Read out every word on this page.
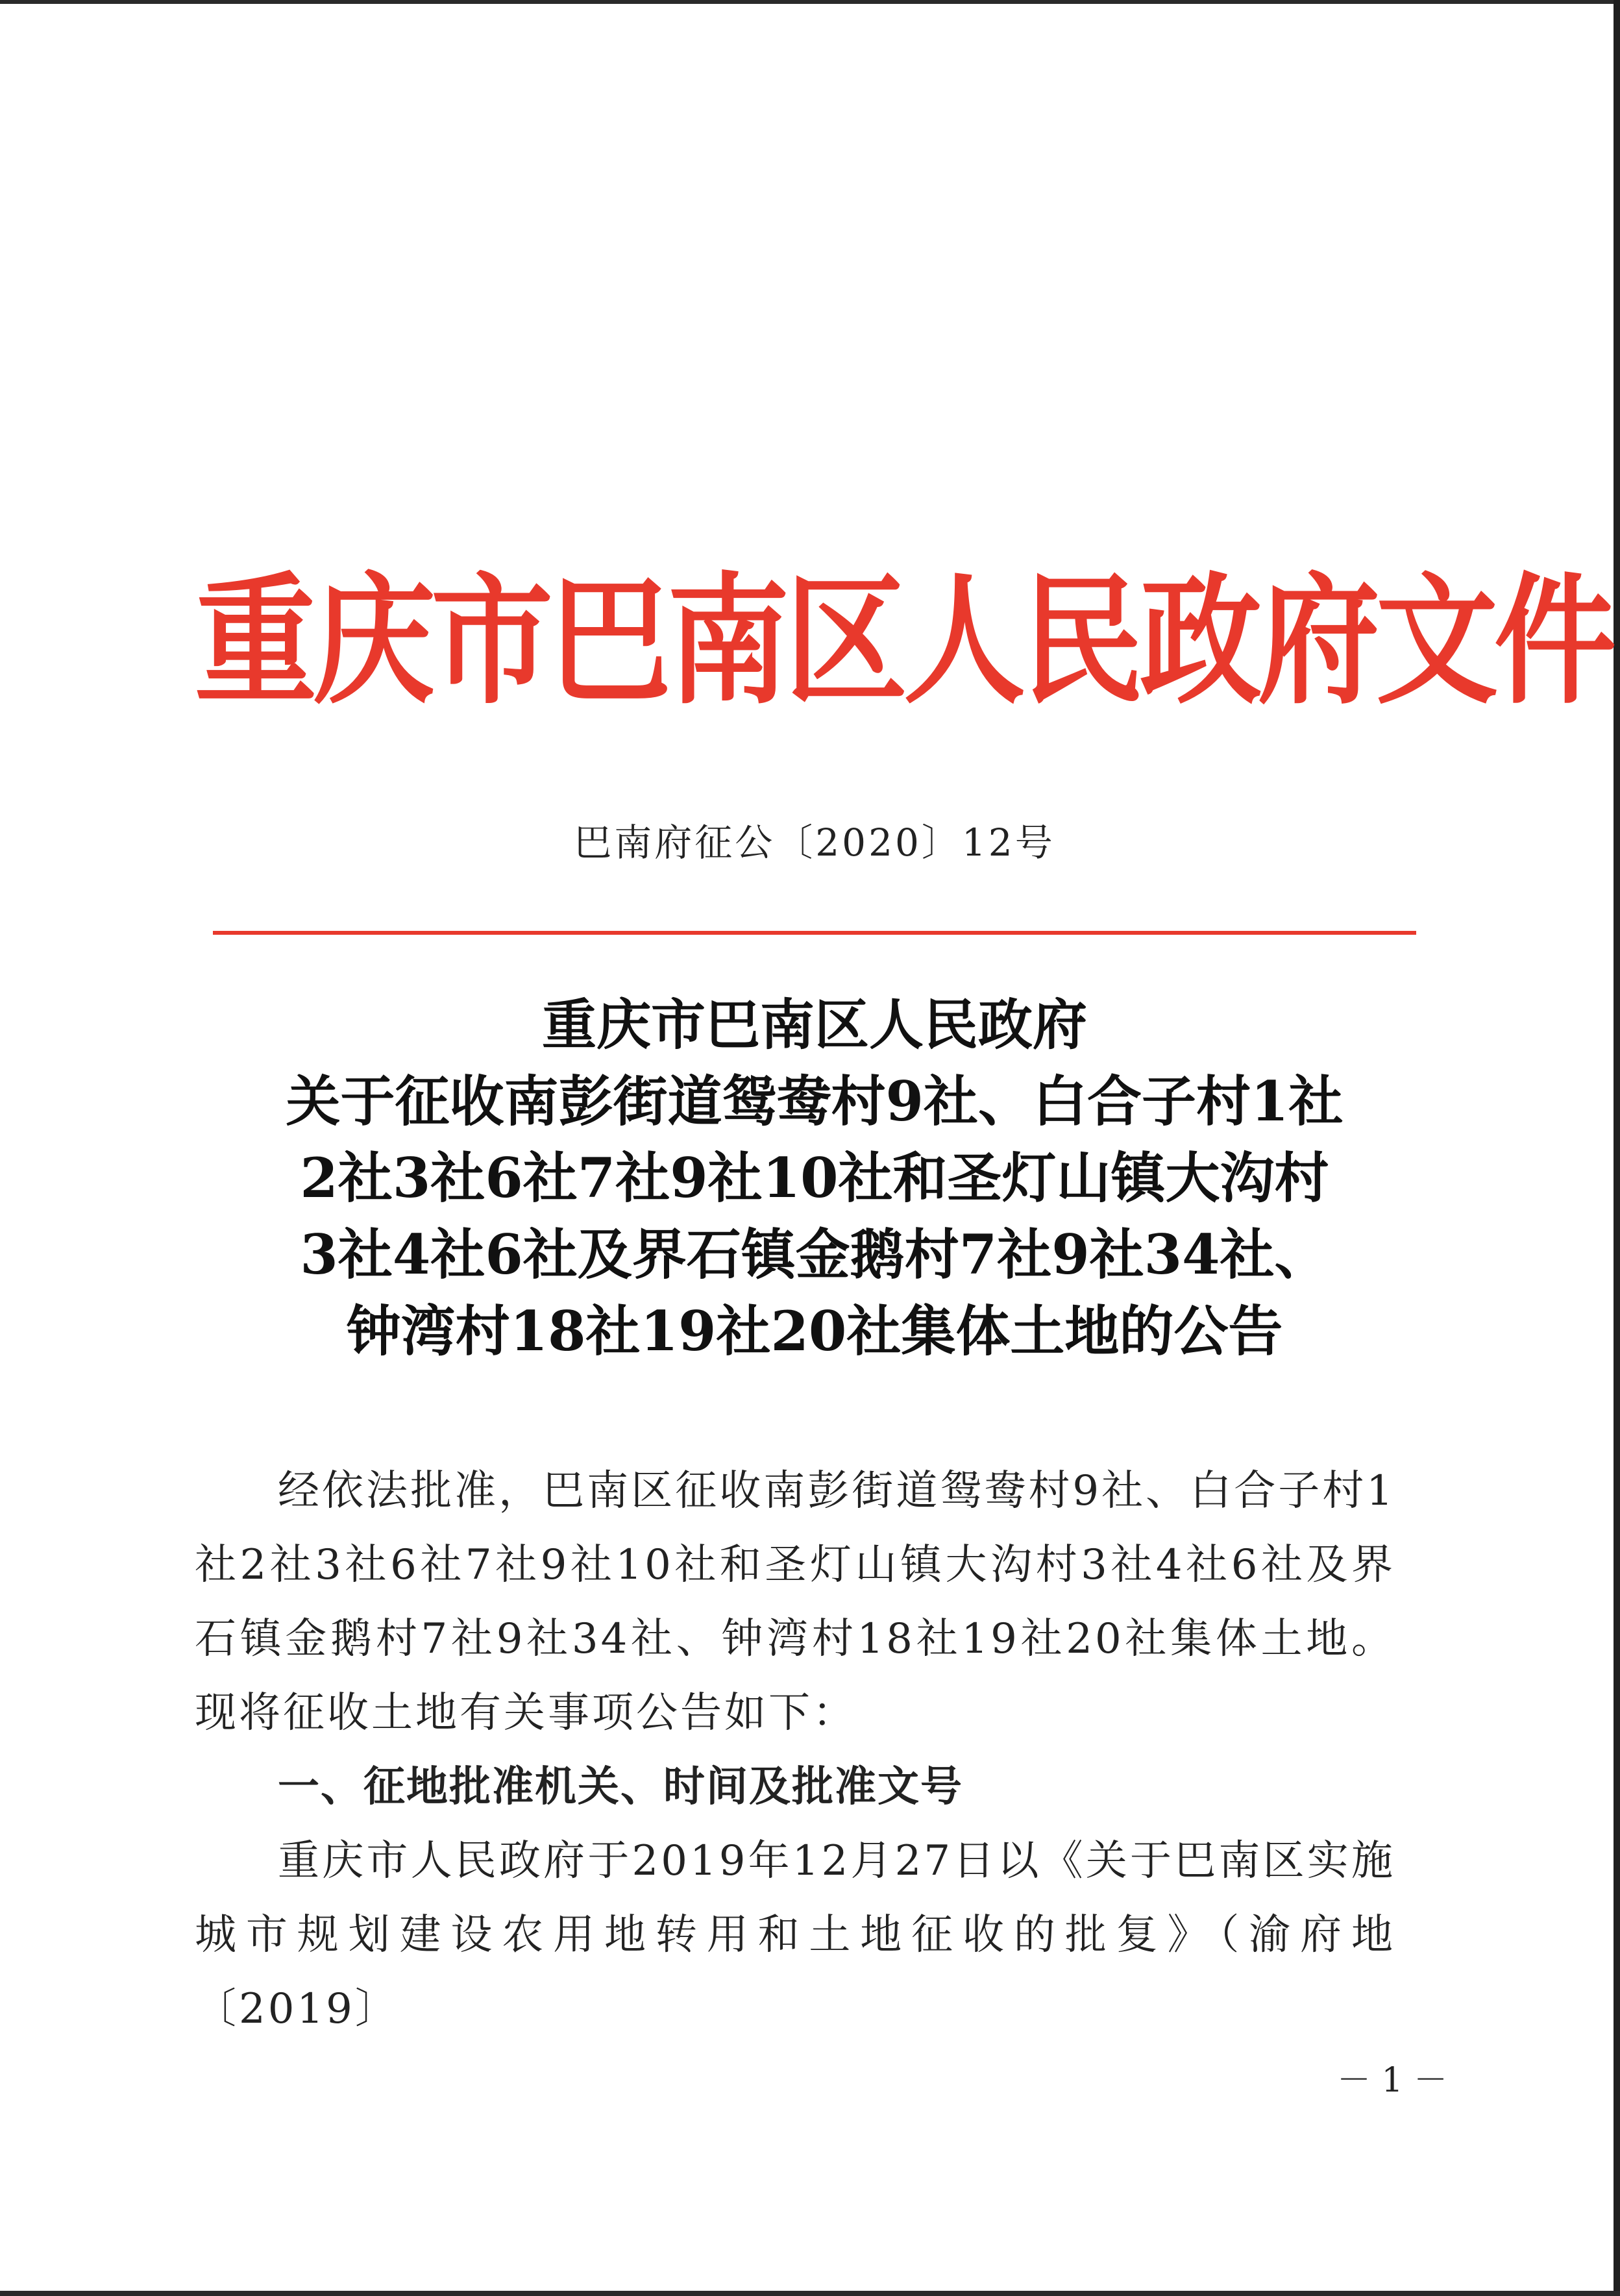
重庆市巴南区人民政府文件
巴南府征公〔2020〕12号
重庆市巴南区人民政府
关于征收南彭街道鸳鸯村9社、白合子村1社
2社3社6社7社9社10社和圣灯山镇大沟村
3社4社6社及界石镇金鹅村7社9社34社、
钟湾村18社19社20社集体土地的公告

经依法批准，巴南区征收南彭街道鸳鸯村9社、白合子村1社2社3社6社7社9社10社和圣灯山镇大沟村3社4社6社及界石镇金鹅村7社9社34社、钟湾村18社19社20社集体土地。现将征收土地有关事项公告如下：

一、征地批准机关、时间及批准文号

重庆市人民政府于2019年12月27日以《关于巴南区实施城市规划建设农用地转用和土地征收的批复》（渝府地〔2019〕

－ 1 －
